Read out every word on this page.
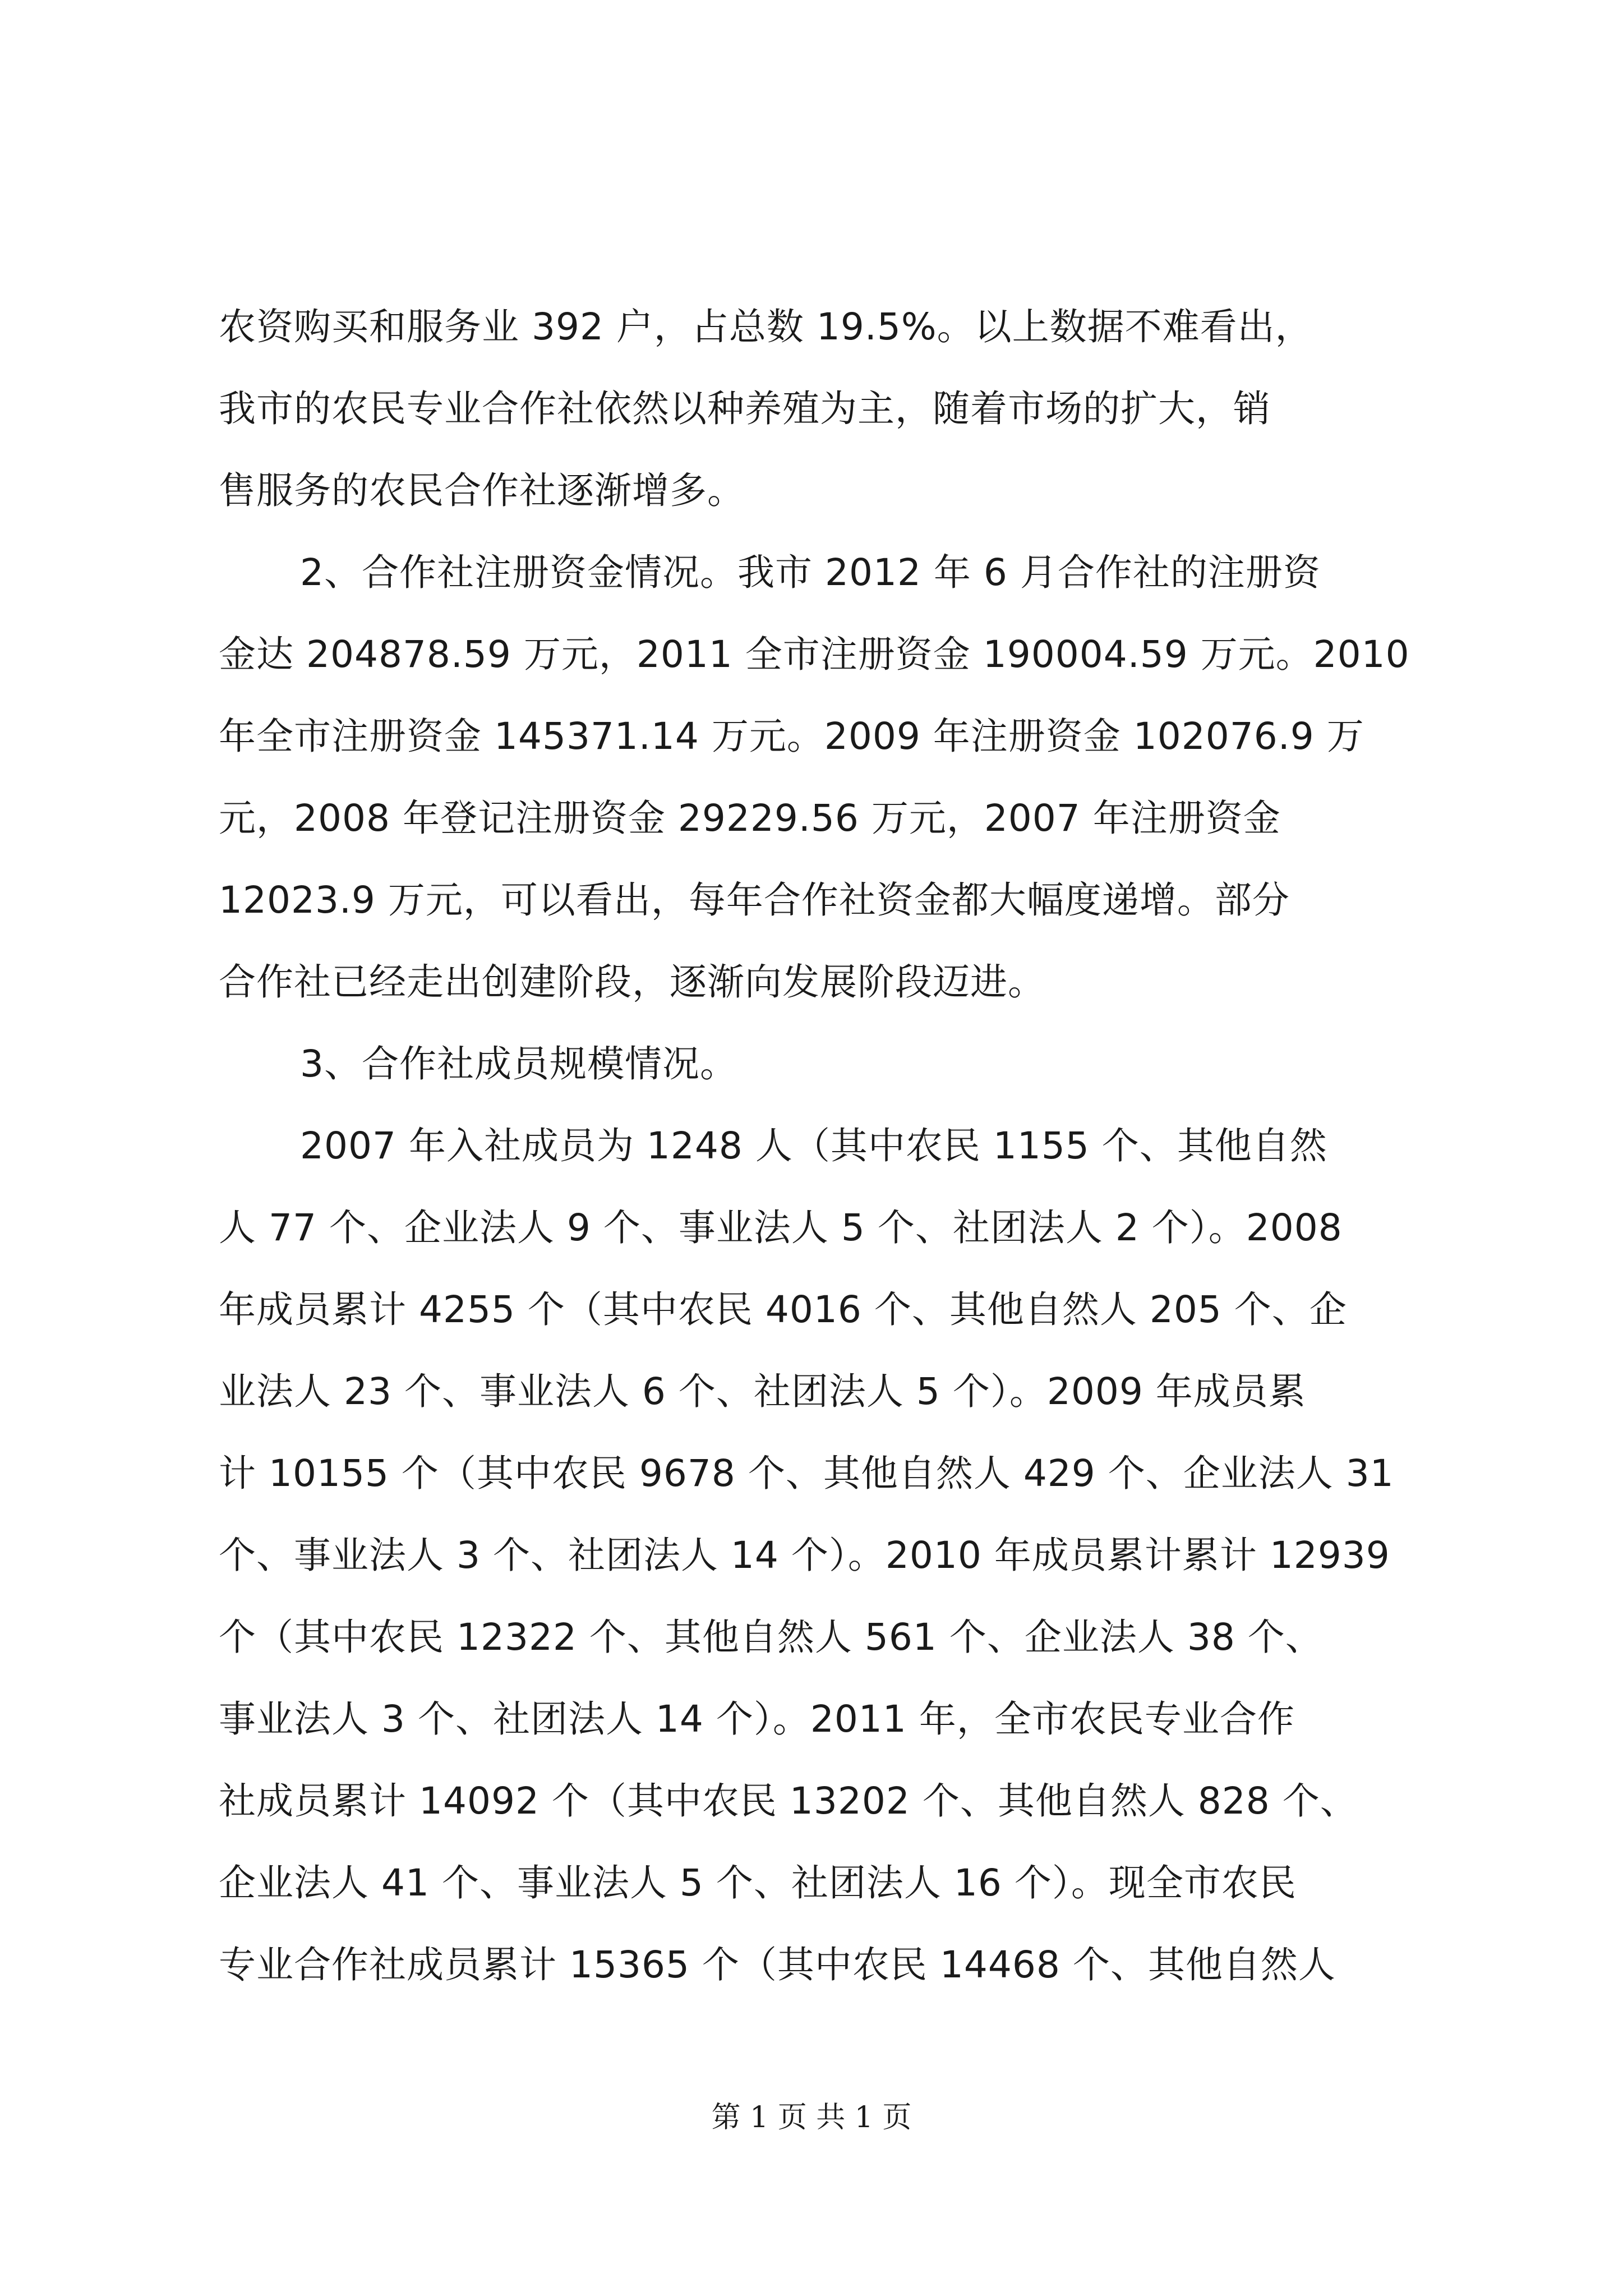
农资购买和服务业 392 户，占总数 19.5%。以上数据不难看出，
我市的农民专业合作社依然以种养殖为主，随着市场的扩大，销
售服务的农民合作社逐渐增多。
2、合作社注册资金情况。我市 2012 年 6 月合作社的注册资
金达 204878.59 万元，2011 全市注册资金 190004.59 万元。2010
年全市注册资金 145371.14 万元。2009 年注册资金 102076.9 万
元，2008 年登记注册资金 29229.56 万元，2007 年注册资金
12023.9 万元，可以看出，每年合作社资金都大幅度递增。部分
合作社已经走出创建阶段，逐渐向发展阶段迈进。
3、合作社成员规模情况。
2007 年入社成员为 1248 人（其中农民 1155 个、其他自然
人 77 个、企业法人 9 个、事业法人 5 个、社团法人 2 个）。2008
年成员累计 4255 个（其中农民 4016 个、其他自然人 205 个、企
业法人 23 个、事业法人 6 个、社团法人 5 个）。2009 年成员累
计 10155 个（其中农民 9678 个、其他自然人 429 个、企业法人 31
个、事业法人 3 个、社团法人 14 个）。2010 年成员累计累计 12939
个（其中农民 12322 个、其他自然人 561 个、企业法人 38 个、
事业法人 3 个、社团法人 14 个）。2011 年，全市农民专业合作
社成员累计 14092 个（其中农民 13202 个、其他自然人 828 个、
企业法人 41 个、事业法人 5 个、社团法人 16 个）。现全市农民
专业合作社成员累计 15365 个（其中农民 14468 个、其他自然人
第 1 页 共 1 页
